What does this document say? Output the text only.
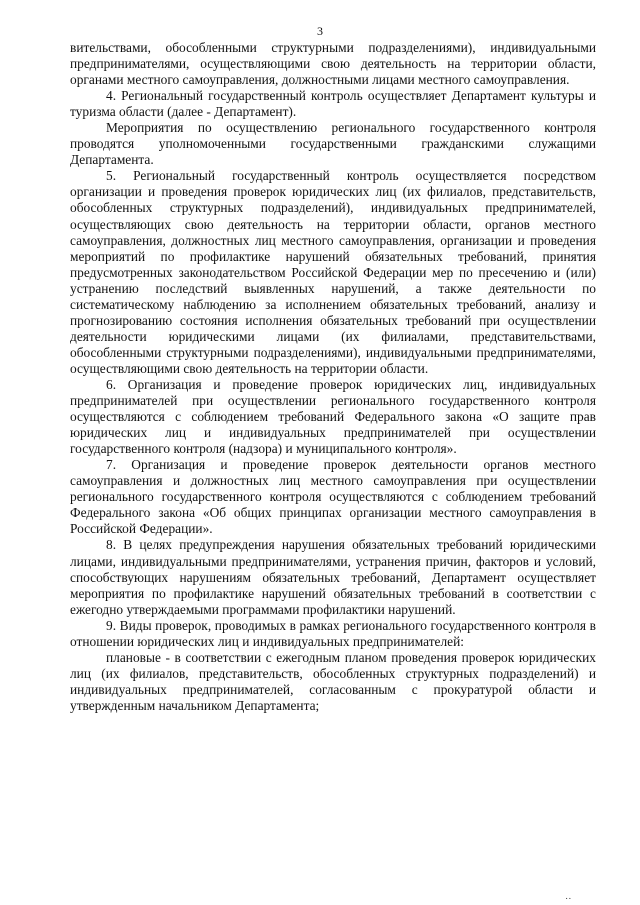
3

вительствами, обособленными структурными подразделениями), индивидуальными предпринимателями, осуществляющими свою деятельность на территории области, органами местного самоуправления, должностными лицами местного самоуправления.

4. Региональный государственный контроль осуществляет Департамент культуры и туризма области (далее - Департамент).

Мероприятия по осуществлению регионального государственного контроля проводятся уполномоченными государственными гражданскими служащими Департамента.

5. Региональный государственный контроль осуществляется посредством организации и проведения проверок юридических лиц (их филиалов, представительств, обособленных структурных подразделений), индивидуальных предпринимателей, осуществляющих свою деятельность на территории области, органов местного самоуправления, должностных лиц местного самоуправления, организации и проведения мероприятий по профилактике нарушений обязательных требований, принятия предусмотренных законодательством Российской Федерации мер по пресечению и (или) устранению последствий выявленных нарушений, а также деятельности по систематическому наблюдению за исполнением обязательных требований, анализу и прогнозированию состояния исполнения обязательных требований при осуществлении деятельности юридическими лицами (их филиалами, представительствами, обособленными структурными подразделениями), индивидуальными предпринимателями, осуществляющими свою деятельность на территории области.

6. Организация и проведение проверок юридических лиц, индивидуальных предпринимателей при осуществлении регионального государственного контроля осуществляются с соблюдением требований Федерального закона «О защите прав юридических лиц и индивидуальных предпринимателей при осуществлении государственного контроля (надзора) и муниципального контроля».

7. Организация и проведение проверок деятельности органов местного самоуправления и должностных лиц местного самоуправления при осуществлении регионального государственного контроля осуществляются с соблюдением требований Федерального закона «Об общих принципах организации местного самоуправления в Российской Федерации».

8. В целях предупреждения нарушения обязательных требований юридическими лицами, индивидуальными предпринимателями, устранения причин, факторов и условий, способствующих нарушениям обязательных требований, Департамент осуществляет мероприятия по профилактике нарушений обязательных требований в соответствии с ежегодно утверждаемыми программами профилактики нарушений.

9. Виды проверок, проводимых в рамках регионального государственного контроля в отношении юридических лиц и индивидуальных предпринимателей:

плановые - в соответствии с ежегодным планом проведения проверок юридических лиц (их филиалов, представительств, обособленных структурных подразделений) и индивидуальных предпринимателей, согласованным с прокуратурой области и утвержденным начальником Департамента;

..
